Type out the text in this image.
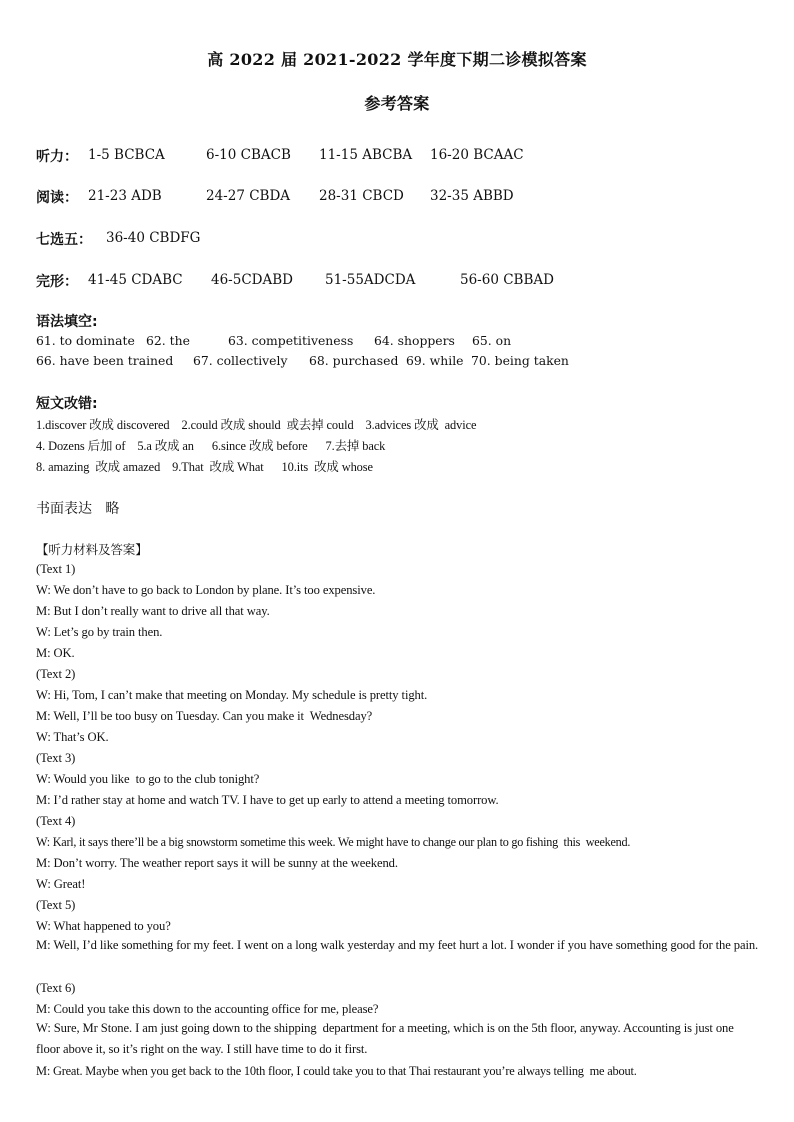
高 2022 届 2021-2022 学年度下期二诊模拟答案
参考答案
听力： 1-5 BCBCA	6-10 CBACB 11-15 ABCBA 16-20 BCAAC
阅读： 21-23 ADB	24-27 CBDA 28-31 CBCD 32-35 ABBD
七选五： 36-40 CBDFG
完形： 41-45 CDABC 46-5CDABD 51-55ADCDA	56-60 CBBAD
语法填空:
61. to dominate 62. the	63. competitiveness 64. shoppers 65. on
66. have been trained 67. collectively 68. purchased 69. while 70. being taken
短文改错:
1.discover 改成 discovered    2.could 改成 should  或去掉 could    3.advices 改成  advice
4. Dozens 后加 of    5.a 改成 an      6.since 改成 before      7.去掉 back
8. amazing  改成 amazed    9.That  改成 What      10.its  改成 whose
书面表达   略
【听力材料及答案】
(Text 1)
W: We don’t have to go back to London by plane. It’s too expensive.
M: But I don’t really want to drive all that way.
W: Let’s go by train then.
M: OK.
(Text 2)
W: Hi, Tom, I can’t make that meeting on Monday. My schedule is pretty tight.
M: Well, I’ll be too busy on Tuesday. Can you make it  Wednesday?
W: That’s OK.
(Text 3)
W: Would you like  to go to the club tonight?
M: I’d rather stay at home and watch TV. I have to get up early to attend a meeting tomorrow.
(Text 4)
W: Karl, it says there’ll be a big snowstorm sometime this week. We might have to change our plan to go fishing  this  weekend.
M: Don’t worry. The weather report says it will be sunny at the weekend.
W: Great!
(Text 5)
W: What happened to you?
M: Well, I’d like something for my feet. I went on a long walk yesterday and my feet hurt a lot. I wonder if you have something good for the pain.
(Text 6)
M: Could you take this down to the accounting office for me, please?
W: Sure, Mr Stone. I am just going down to the shipping  department for a meeting, which is on the 5th floor, anyway. Accounting is just one floor above it, so it’s right on the way. I still have time to do it first.
M: Great. Maybe when you get back to the 10th floor, I could take you to that Thai restaurant you’re always telling  me about.
